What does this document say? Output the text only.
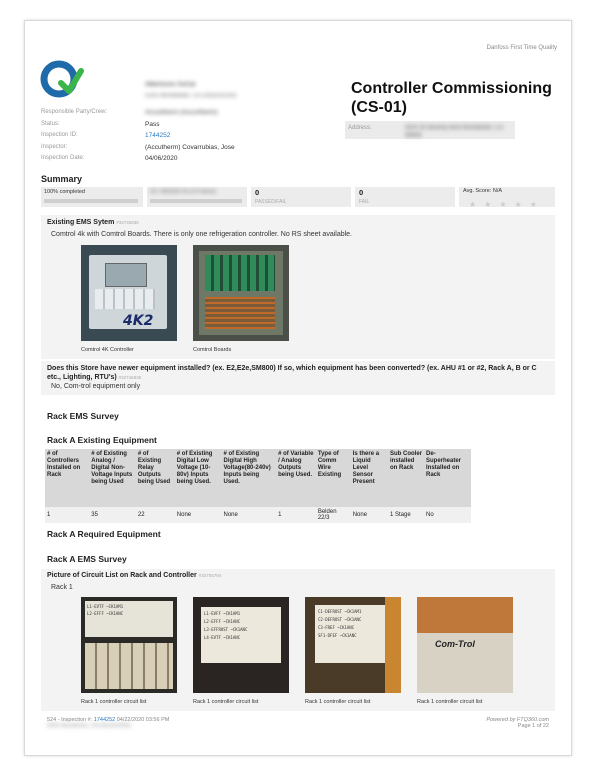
Danfoss First Time Quality
Albertsons SoCal
5255 Montebello, CA (ShzDr3250)
Responsible Party/Crew:	Accurtherm (Accurtherm)
Status:	Pass
Inspection ID:	1744252
Inspector:	(Accutherm) Covarrubias, Jose
Inspection Date:	04/06/2020
Controller Commissioning (CS-01)
Address:	4000 W Beverly Blvd Montebello, CA 90640
Summary
100% completed	23 / 99/2323 (% of 0 items)	0
PASSED/FAIL
0
FAIL
Avg. Score: N/A
★ ★ ★ ★ ★
Existing EMS Sytem #32746835
Comtrol 4k with Comtrol Boards. There is only one refrigeration controller. No RS sheet available.
4K2
Comtrol 4K Controller	Comtrol Boards
Does this Store have newer equipment installed? (ex. E2,E2e,SM800) If so, which equipment has been converted? (ex. AHU #1 or #2, Rack A, B or C etc., Lighting, RTU's) #32746836
No, Com-trol equipment only
Rack EMS Survey
Rack A Existing Equipment
# of Controllers Installed on Rack	# of Existing Analog / Digital Non-Voltage Inputs being Used	# of Existing Relay Outputs being Used	# of Existing Digital Low Voltage (10-80v) Inputs being Used.	# of Existing Digital High Voltage(80-240v) Inputs being Used.	# of Variable / Analog Outputs being Used.	Type of Comm Wire Existing	Is there a Liquid Level Sensor Present	Sub Cooler installed on Rack	De-Superheater Installed on Rack
1	35	22	None	None	1	Belden 22/3	None	1 Stage	No
Rack A Required Equipment
Rack A EMS Survey
Picture of Circuit List on Rack and Controller #32755794
Rack 1
L1-EVTF ~CK1AM1
L2-EFFF ~CK1ANC
Rack 1 controller circuit list
L1-EVFF ~CK1AM1
L2-EFFF ~CK1ANC
L3-EFFROST ~CK1ANC
L4-EVTF ~CK1ANC
Rack 1 controller circuit list
C1-DEFROST ~CK1AM1
C2-DEFROST ~CK1ANC
C3-FREF ~CK1ANC
SF1-DFEF ~CK1ANC
Rack 1 controller circuit list
Com-Trol
Rack 1 controller circuit list
524 - Inspection #: 1744252 04/22/2020 03:56 PM
5255 Montebello, CA (ShzDr3250)
Powered by FTQ360.com
Page 1 of 22
